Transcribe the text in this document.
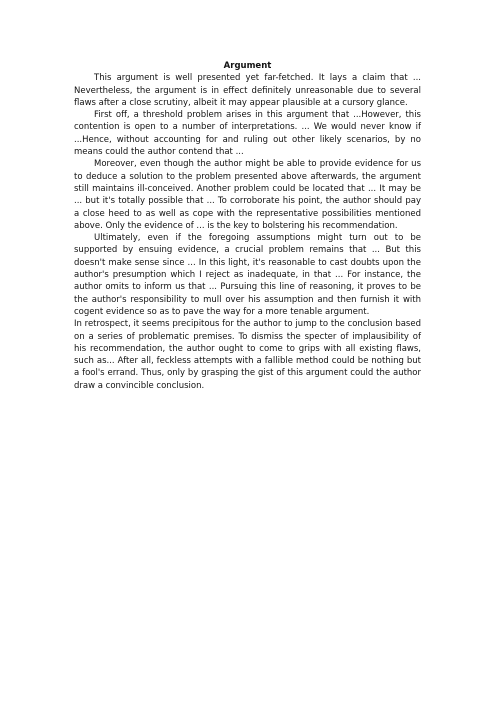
Argument

This argument is well presented yet far-fetched. It lays a claim that ... Nevertheless, the argument is in effect definitely unreasonable due to several flaws after a close scrutiny, albeit it may appear plausible at a cursory glance.

First off, a threshold problem arises in this argument that ...However, this contention is open to a number of interpretations. ... We would never know if ...Hence, without accounting for and ruling out other likely scenarios, by no means could the author contend that ...

Moreover, even though the author might be able to provide evidence for us to deduce a solution to the problem presented above afterwards, the argument still maintains ill-conceived. Another problem could be located that ... It may be ... but it's totally possible that ... To corroborate his point, the author should pay a close heed to as well as cope with the representative possibilities mentioned above. Only the evidence of ... is the key to bolstering his recommendation.

Ultimately, even if the foregoing assumptions might turn out to be supported by ensuing evidence, a crucial problem remains that ... But this doesn't make sense since ... In this light, it's reasonable to cast doubts upon the author's presumption which I reject as inadequate, in that ... For instance, the author omits to inform us that ... Pursuing this line of reasoning, it proves to be the author's responsibility to mull over his assumption and then furnish it with cogent evidence so as to pave the way for a more tenable argument.

In retrospect, it seems precipitous for the author to jump to the conclusion based on a series of problematic premises. To dismiss the specter of implausibility of his recommendation, the author ought to come to grips with all existing flaws, such as... After all, feckless attempts with a fallible method could be nothing but a fool's errand. Thus, only by grasping the gist of this argument could the author draw a convincible conclusion.
